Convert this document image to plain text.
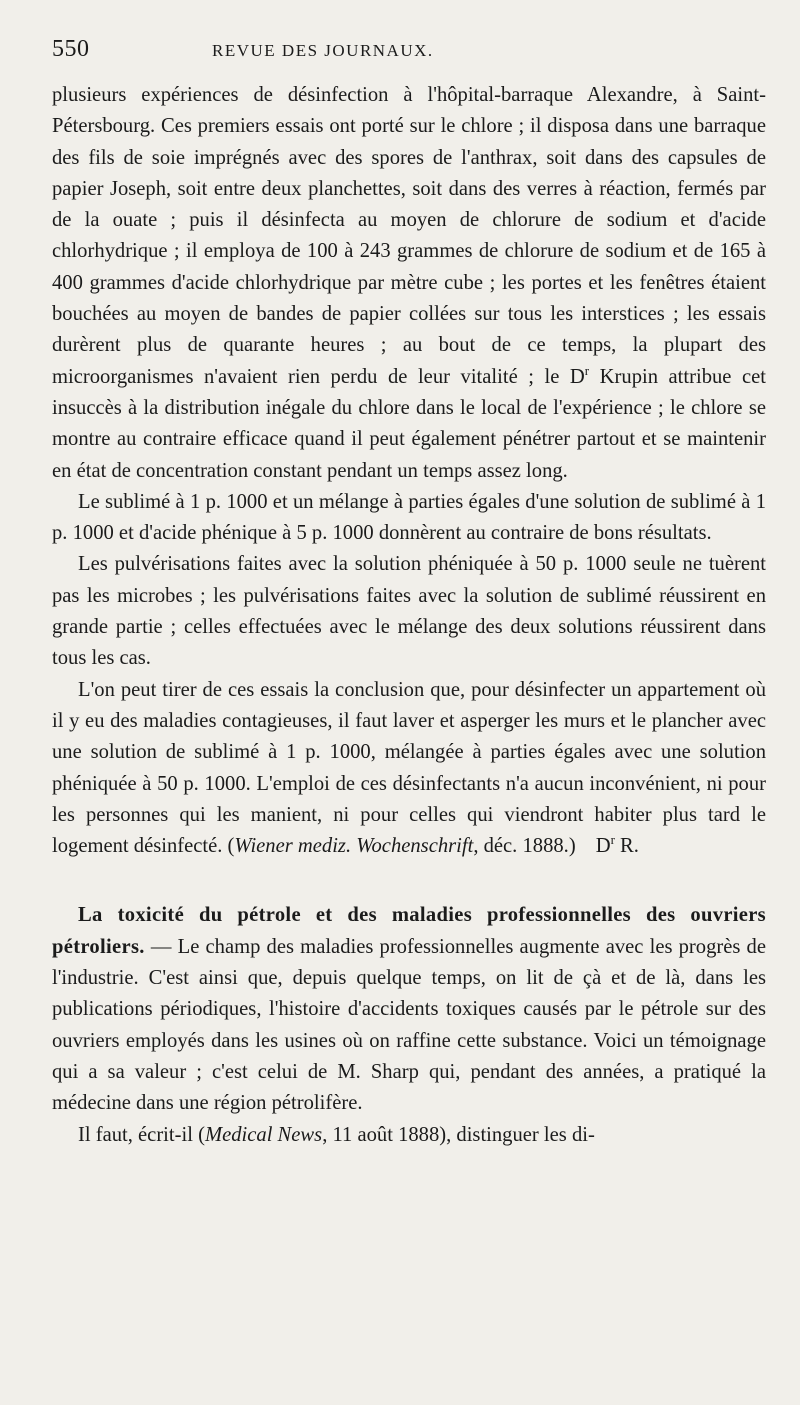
550	REVUE DES JOURNAUX.

plusieurs expériences de désinfection à l'hôpital-barraque Alexandre, à Saint-Pétersbourg. Ces premiers essais ont porté sur le chlore ; il disposa dans une barraque des fils de soie imprégnés avec des spores de l'anthrax, soit dans des capsules de papier Joseph, soit entre deux planchettes, soit dans des verres à réaction, fermés par de la ouate ; puis il désinfecta au moyen de chlorure de sodium et d'acide chlorhydrique ; il employa de 100 à 243 grammes de chlorure de sodium et de 165 à 400 grammes d'acide chlorhydrique par mètre cube ; les portes et les fenêtres étaient bouchées au moyen de bandes de papier collées sur tous les interstices ; les essais durèrent plus de quarante heures ; au bout de ce temps, la plupart des microorganismes n'avaient rien perdu de leur vitalité ; le $D^r$ Krupin attribue cet insuccès à la distribution inégale du chlore dans le local de l'expérience ; le chlore se montre au contraire efficace quand il peut également pénétrer partout et se maintenir en état de concentration constant pendant un temps assez long.

Le sublimé à 1 p. 1000 et un mélange à parties égales d'une solution de sublimé à 1 p. 1000 et d'acide phénique à 5 p. 1000 donnèrent au contraire de bons résultats.

Les pulvérisations faites avec la solution phéniquée à 50 p. 1000 seule ne tuèrent pas les microbes ; les pulvérisations faites avec la solution de sublimé réussirent en grande partie ; celles effectuées avec le mélange des deux solutions réussirent dans tous les cas.

L'on peut tirer de ces essais la conclusion que, pour désinfecter un appartement où il y eu des maladies contagieuses, il faut laver et asperger les murs et le plancher avec une solution de sublimé à 1 p. 1000, mélangée à parties égales avec une solution phéniquée à 50 p. 1000. L'emploi de ces désinfectants n'a aucun inconvénient, ni pour les personnes qui les manient, ni pour celles qui viendront habiter plus tard le logement désinfecté. (Wiener mediz. Wochenschrift, déc. 1888.) $D^r$ R.

La toxicité du pétrole et des maladies professionnelles des ouvriers pétroliers. — Le champ des maladies professionnelles augmente avec les progrès de l'industrie. C'est ainsi que, depuis quelque temps, on lit de çà et de là, dans les publications périodiques, l'histoire d'accidents toxiques causés par le pétrole sur des ouvriers employés dans les usines où on raffine cette substance. Voici un témoignage qui a sa valeur ; c'est celui de M. Sharp qui, pendant des années, a pratiqué la médecine dans une région pétrolifère.

Il faut, écrit-il (Medical News, 11 août 1888), distinguer les di-
